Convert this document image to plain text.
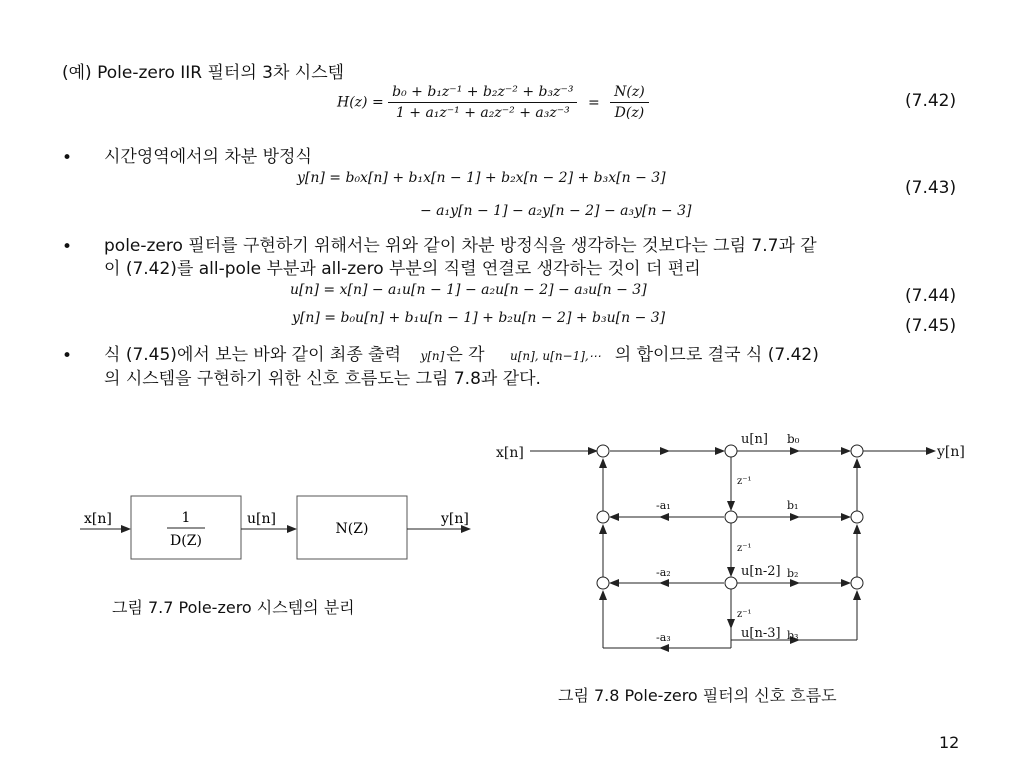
(예) Pole-zero IIR 필터의 3차 시스템
$H(z) = \frac{\text{b₀ + b₁z⁻¹ + b₂z⁻² + b₃z⁻³}}{\text{1 + a₁z⁻¹ + a₂z⁻² + a₃z⁻³}} = \frac{N(z)}{D(z)}$	(7.42)
• 시간영역에서의 차분 방정식
y[n] = b₀x[n] + b₁x[n − 1] + b₂x[n − 2] + b₃x[n − 3]
− a₁y[n − 1] − a₂y[n − 2] − a₃y[n − 3]
(7.43)
• pole-zero 필터를 구현하기 위해서는 위와 같이 차분 방정식을 생각하는 것보다는 그림 7.7과 같
이 (7.42)를 all-pole 부분과 all-zero 부분의 직렬 연결로 생각하는 것이 더 편리
u[n] = x[n] − a₁u[n − 1] − a₂u[n − 2] − a₃u[n − 3]	(7.44)
y[n] = b₀u[n] + b₁u[n − 1] + b₂u[n − 2] + b₃u[n − 3]	(7.45)
• 식 (7.45)에서 보는 바와 같이 최종 출력 y[n] 은 각 u[n], u[n−1],⋯ 의 합이므로 결국 식 (7.42)
의 시스템을 구현하기 위한 신호 흐름도는 그림 7.8과 같다.
x[n]	1
D(Z)
u[n]
N(Z)
y[n]
x[n]	y[n]
u[n] b₀
z⁻¹
-a₁	b₁
z⁻¹
-a₂	u[n-2] b₂
z⁻¹
-a₃	u[n-3] b₃
그림 7.7 Pole-zero 시스템의 분리
그림 7.8 Pole-zero 필터의 신호 흐름도
12
